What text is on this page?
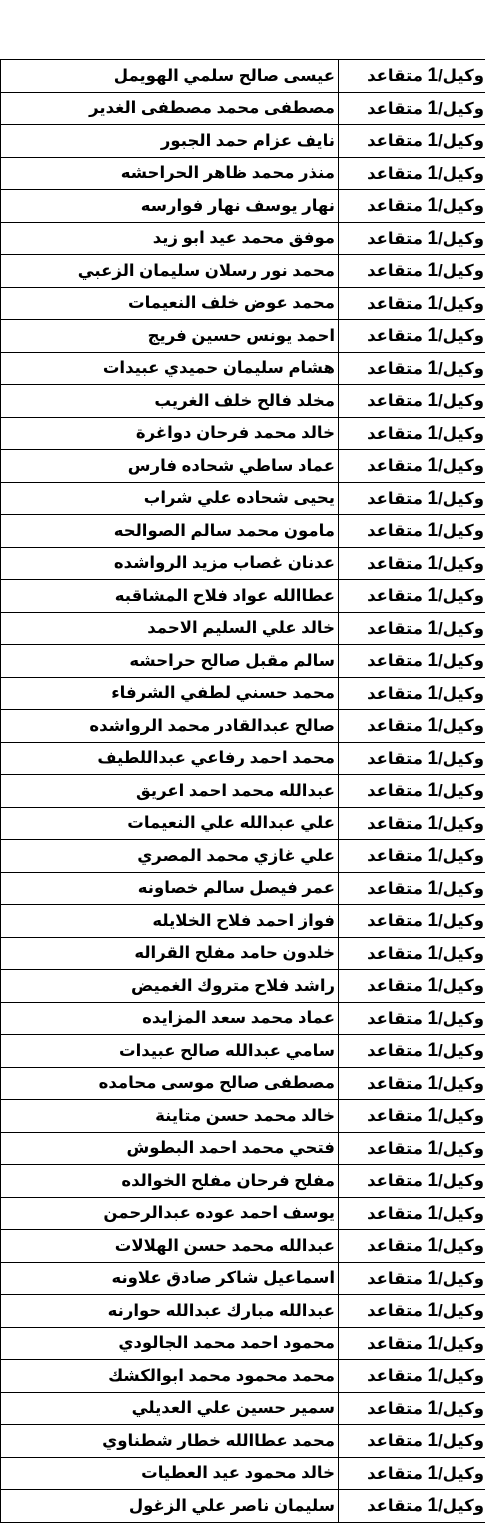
وكيل/1 متقاعد	عيسى صالح سلمي الهويمل
وكيل/1 متقاعد	مصطفى محمد مصطفى الغدير
وكيل/1 متقاعد	نايف عزام حمد الجبور
وكيل/1 متقاعد	منذر محمد ظاهر الحراحشه
وكيل/1 متقاعد	نهار يوسف نهار فوارسه
وكيل/1 متقاعد	موفق محمد عيد ابو زيد
وكيل/1 متقاعد	محمد نور رسلان سليمان الزعبي
وكيل/1 متقاعد	محمد عوض خلف النعيمات
وكيل/1 متقاعد	احمد يونس حسين فريج
وكيل/1 متقاعد	هشام سليمان حميدي عبيدات
وكيل/1 متقاعد	مخلد فالح خلف الغريب
وكيل/1 متقاعد	خالد محمد فرحان دواغرة
وكيل/1 متقاعد	عماد ساطي شحاده فارس
وكيل/1 متقاعد	يحيى شحاده علي شراب
وكيل/1 متقاعد	مامون محمد سالم الصوالحه
وكيل/1 متقاعد	عدنان غصاب مزيد الرواشده
وكيل/1 متقاعد	عطاالله عواد فلاح المشاقبه
وكيل/1 متقاعد	خالد علي السليم الاحمد
وكيل/1 متقاعد	سالم مقبل صالح حراحشه
وكيل/1 متقاعد	محمد حسني لطفي الشرفاء
وكيل/1 متقاعد	صالح عبدالقادر محمد الرواشده
وكيل/1 متقاعد	محمد احمد رفاعي عبداللطيف
وكيل/1 متقاعد	عبدالله محمد احمد اعريق
وكيل/1 متقاعد	علي عبدالله علي النعيمات
وكيل/1 متقاعد	علي غازي محمد المصري
وكيل/1 متقاعد	عمر فيصل سالم خصاونه
وكيل/1 متقاعد	فواز احمد فلاح الخلايله
وكيل/1 متقاعد	خلدون حامد مفلح القراله
وكيل/1 متقاعد	راشد فلاح متروك الغميض
وكيل/1 متقاعد	عماد محمد سعد المزايده
وكيل/1 متقاعد	سامي عبدالله صالح عبيدات
وكيل/1 متقاعد	مصطفى صالح موسى محامده
وكيل/1 متقاعد	خالد محمد حسن متاينة
وكيل/1 متقاعد	فتحي محمد احمد البطوش
وكيل/1 متقاعد	مفلح فرحان مفلح الخوالده
وكيل/1 متقاعد	يوسف احمد عوده عبدالرحمن
وكيل/1 متقاعد	عبدالله محمد حسن الهلالات
وكيل/1 متقاعد	اسماعيل شاكر صادق علاونه
وكيل/1 متقاعد	عبدالله مبارك عبدالله حوارنه
وكيل/1 متقاعد	محمود احمد محمد الجالودي
وكيل/1 متقاعد	محمد محمود محمد ابوالكشك
وكيل/1 متقاعد	سمير حسين علي العديلي
وكيل/1 متقاعد	محمد عطاالله خطار شطناوي
وكيل/1 متقاعد	خالد محمود عيد العطيات
وكيل/1 متقاعد	سليمان ناصر علي الزغول
